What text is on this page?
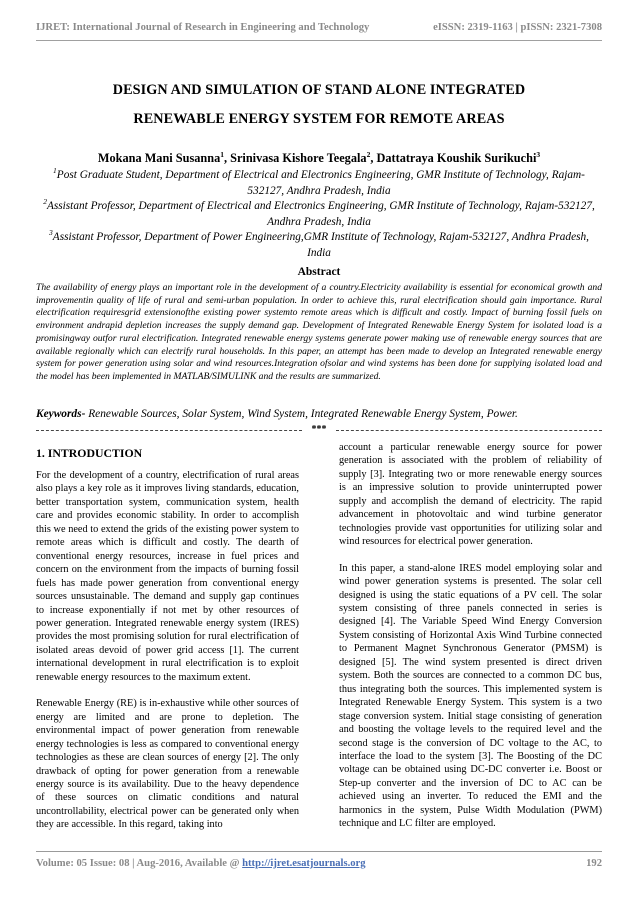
IJRET: International Journal of Research in Engineering and Technology	eISSN: 2319-1163 | pISSN: 2321-7308
DESIGN AND SIMULATION OF STAND ALONE INTEGRATED
RENEWABLE ENERGY SYSTEM FOR REMOTE AREAS
Mokana Mani Susanna$^1$, Srinivasa Kishore Teegala$^2$, Dattatraya Koushik Surikuchi$^3$
$^1$Post Graduate Student, Department of Electrical and Electronics Engineering, GMR Institute of Technology, Rajam-532127, Andhra Pradesh, India
$^2$Assistant Professor, Department of Electrical and Electronics Engineering, GMR Institute of Technology, Rajam-532127, Andhra Pradesh, India
$^3$Assistant Professor, Department of Power Engineering,GMR Institute of Technology, Rajam-532127, Andhra Pradesh, India
Abstract
The availability of energy plays an important role in the development of a country.Electricity availability is essential for economical growth and improvementin quality of life of rural and semi-urban population. In order to achieve this, rural electrification should gain importance. Rural electrification requiresgrid extensionofthe existing power systemto remote areas which is difficult and costly. Impact of burning fossil fuels on environment andrapid depletion increases the supply demand gap. Development of Integrated Renewable Energy System for isolated load is a promisingway outfor rural electrification. Integrated renewable energy systems generate power making use of renewable energy sources that are available regionally which can electrify rural households. In this paper, an attempt has been made to develop an Integrated renewable energy system for power generation using solar and wind resources.Integration ofsolar and wind systems has been done for supplying isolated load and the model has been implemented in MATLAB/SIMULINK and the results are summarized.
Keywords- Renewable Sources, Solar System, Wind System, Integrated Renewable Energy System, Power.
***
1. INTRODUCTION

For the development of a country, electrification of rural areas also plays a key role as it improves living standards, education, better transportation system, communication system, health care and provides economic stability. In order to accomplish this we need to extend the grids of the existing power system to remote areas which is difficult and costly. The dearth of conventional energy resources, increase in fuel prices and concern on the environment from the impacts of burning fossil fuels has made power generation from conventional energy sources unsustainable. The demand and supply gap continues to increase exponentially if not met by other resources of power generation. Integrated renewable energy system (IRES) provides the most promising solution for rural electrification of isolated areas devoid of power grid access [1]. The current international development in rural electrification is to exploit renewable energy resources to the maximum extent.

Renewable Energy (RE) is in-exhaustive while other sources of energy are limited and are prone to depletion. The environmental impact of power generation from renewable energy technologies is less as compared to conventional energy technologies as these are clean sources of energy [2]. The only drawback of opting for power generation from a renewable energy source is its availability. Due to the heavy dependence of these sources on climatic conditions and natural uncontrollability, electrical power can be generated only when they are accessible. In this regard, taking into

account a particular renewable energy source for power generation is associated with the problem of reliability of supply [3]. Integrating two or more renewable energy sources is an impressive solution to provide uninterrupted power supply and accomplish the demand of electricity. The rapid advancement in photovoltaic and wind turbine generator technologies provide vast opportunities for utilizing solar and wind resources for electrical power generation.

In this paper, a stand-alone IRES model employing solar and wind power generation systems is presented. The solar cell designed is using the static equations of a PV cell. The solar system consisting of three panels connected in series is designed [4]. The Variable Speed Wind Energy Conversion System consisting of Horizontal Axis Wind Turbine connected to Permanent Magnet Synchronous Generator (PMSM) is designed [5]. The wind system presented is direct driven system. Both the sources are connected to a common DC bus, thus integrating both the sources. This implemented system is Integrated Renewable Energy System. This system is a two stage conversion system. Initial stage consisting of generation and boosting the voltage levels to the required level and the second stage is the conversion of DC voltage to the AC, to interface the load to the system [3]. The Boosting of the DC voltage can be obtained using DC-DC converter i.e. Boost or Step-up converter and the inversion of DC to AC can be achieved using an inverter. To reduced the EMI and the harmonics in the system, Pulse Width Modulation (PWM) technique and LC filter are employed.

Volume: 05 Issue: 08 | Aug-2016, Available @ http://ijret.esatjournals.org	192
